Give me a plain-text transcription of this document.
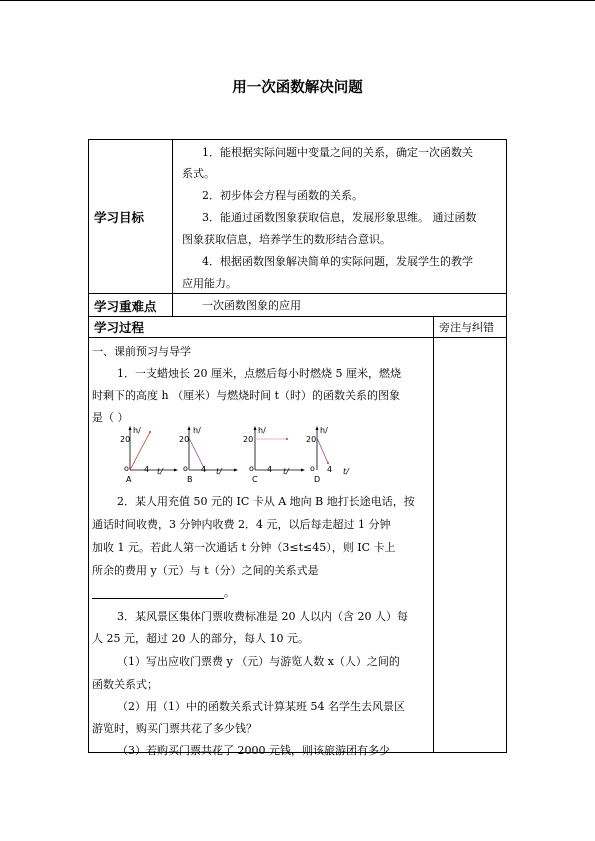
用一次函数解决问题
学习目标
学习重难点
学习过程	旁注与纠错
1．能根据实际问题中变量之间的关系，确定一次函数关
系式。
2．初步体会方程与函数的关系。
3．能通过函数图象获取信息，发展形象思维。 通过函数
图象获取信息，培养学生的数形结合意识。
4．根据函数图象解决简单的实际问题，发展学生的教学
应用能力。
一次函数图象的应用
一、课前预习与导学
1．一支蜡烛长 20 厘米，点燃后每小时燃烧 5 厘米，燃烧
时剩下的高度 h （厘米）与燃烧时间 t（时）的函数关系的图象
是（ ）
h/
20
o 4 t/
A
h/
20
o 4 t/
B
h/
20
o 4 t/
C
h/
20
o 4 t/
D
2．某人用充值 50 元的 IC 卡从 A 地向 B 地打长途电话，按
通话时间收费，3 分钟内收费 2．4 元，以后每走超过 1 分钟
加收 1 元。若此人第一次通话 t 分钟（3≤t≤45），则 IC 卡上
所余的费用 y（元）与 t（分）之间的关系式是
。
3．某风景区集体门票收费标准是 20 人以内（含 20 人）每
人 25 元，超过 20 人的部分，每人 10 元。
（1）写出应收门票费 y （元）与游览人数 x（人）之间的
函数关系式；
（2）用（1）中的函数关系式计算某班 54 名学生去风景区
游览时，购买门票共花了多少钱？
（3）若购买门票共花了 2000 元钱，则该旅游团有多少
